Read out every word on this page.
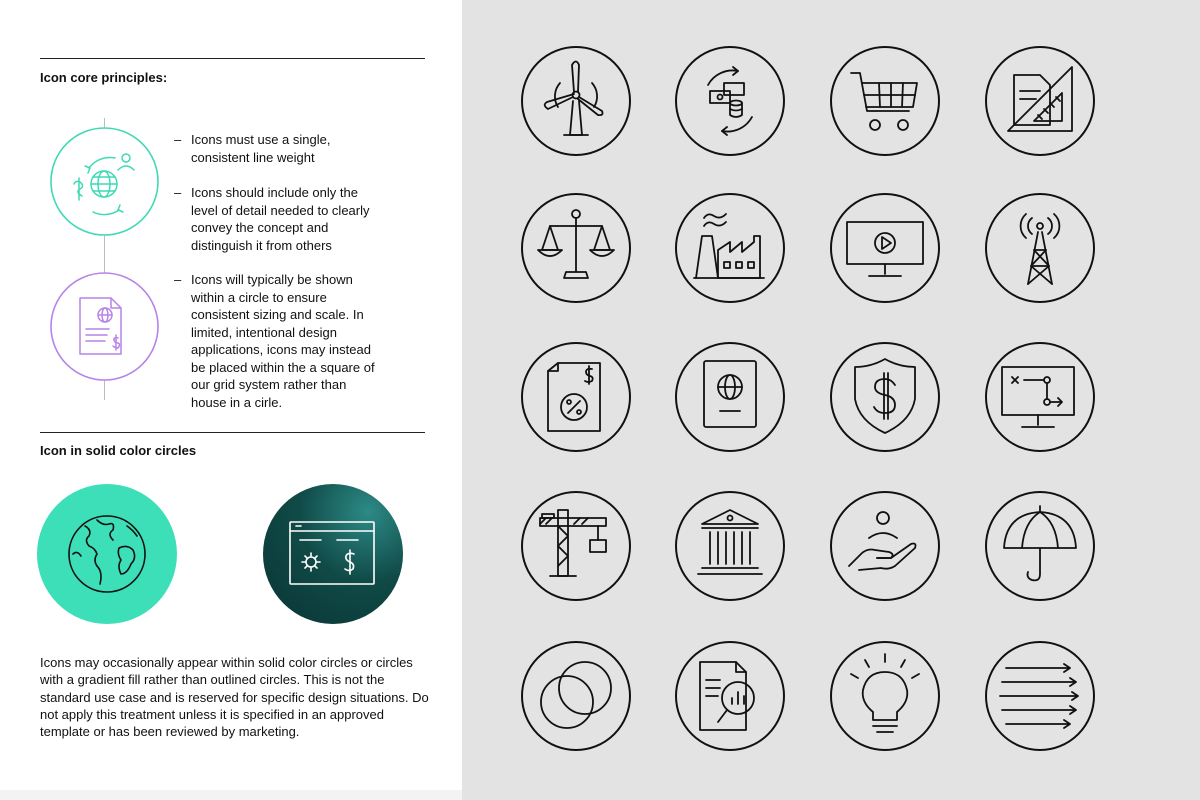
Icon core principles:

– Icons must use a single, consistent line weight

– Icons should include only the level of detail needed to clearly convey the concept and distinguish it from others

– Icons will typically be shown within a circle to ensure consistent sizing and scale. In limited, intentional design applications, icons may instead be placed within the a square of our grid system rather than house in a cirle.

Icon in solid color circles

Icons may occasionally appear within solid color circles or circles with a gradient fill rather than outlined circles. This is not the standard use case and is reserved for specific design situations. Do not apply this treatment unless it is specified in an approved template or has been reviewed by marketing.
